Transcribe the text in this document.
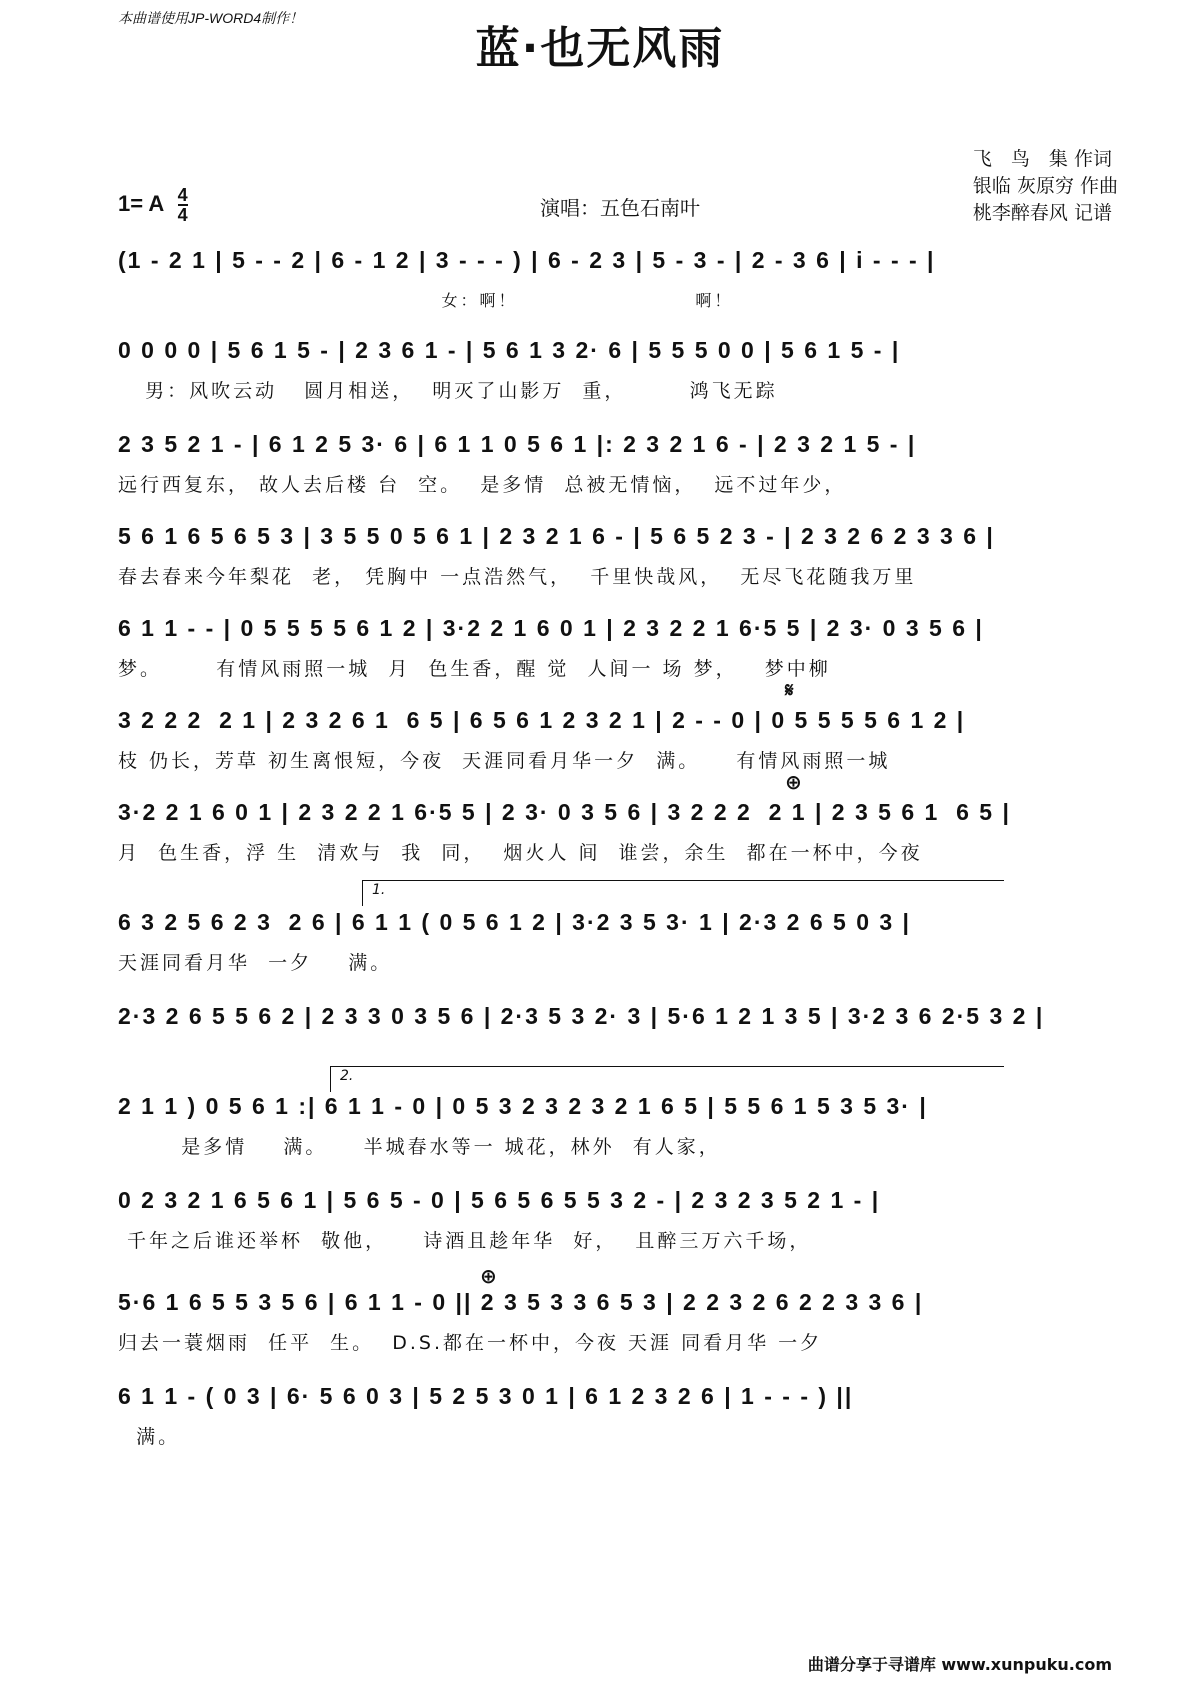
本曲谱使用JP-WORD4制作！
蓝·也无风雨
演唱：五色石南叶
1= A $\frac{4}{4}$
飞　鸟　集 作词
银临 灰原穷 作曲
桃李醉春风 记谱
(1 - 2 1 | 5 - - 2 | 6 - 1 2 | 3 - - - ) | 6 - 2 3 | 5 - 3 - | 2 - 3 6 | i - - - |
女：啊！                      啊！
0 0 0 0 | 5 6 1 5 - | 2 3 6 1 - | 5 6 1 3 2· 6 | 5 5 5 0 0 | 5 6 1 5 - |
男：风吹云动   圆月相送，  明灭了山影万  重，       鸿飞无踪
2 3 5 2 1 - | 6 1 2 5 3· 6 | 6 1 1 0 5 6 1 |: 2 3 2 1 6 - | 2 3 2 1 5 - |
远行西复东， 故人去后楼 台  空。  是多情  总被无情恼，  远不过年少，
5 6 1 6 5 6 5 3 | 3 5 5 0 5 6 1 | 2 3 2 1 6 - | 5 6 5 2 3 - | 2 3 2 6 2 3 3 6 |
春去春来今年梨花  老， 凭胸中 一点浩然气，  千里快哉风，  无尽飞花随我万里
6 1 1 - - | 0 5 5 5 5 6 1 2 | 3·2 2 1 6 0 1 | 2 3 2 2 1 6·5 5 | 2 3· 0 3 5 6 |
梦。      有情风雨照一城  月  色生香，醒 觉  人间一 场 梦，   梦中柳
3 2 2 2  2 1 | 2 3 2 6 1  6 5 | 6 5 6 1 2 3 2 1 | 2 - - 0 | 0 5 5 5 5 6 1 2 |
枝 仍长，芳草 初生离恨短，今夜  天涯同看月华一夕  满。    有情风雨照一城
3·2 2 1 6 0 1 | 2 3 2 2 1 6·5 5 | 2 3· 0 3 5 6 | 3 2 2 2  2 1 | 2 3 5 6 1  6 5 |
月  色生香，浮 生  清欢与  我  同，  烟火人 间  谁尝，余生  都在一杯中，今夜
6 3 2 5 6 2 3  2 6 | 6 1 1 ( 0 5 6 1 2 | 3·2 3 5 3· 1 | 2·3 2 6 5 0 3 |
天涯同看月华  一夕    满。
2·3 2 6 5 5 6 2 | 2 3 3 0 3 5 6 | 2·3 5 3 2· 3 | 5·6 1 2 1 3 5 | 3·2 3 6 2·5 3 2 |
2 1 1 ) 0 5 6 1 :| 6 1 1 - 0 | 0 5 3 2 3 2 3 2 1 6 5 | 5 5 6 1 5 3 5 3· |
是多情    满。    半城春水等一 城花，林外  有人家，
0 2 3 2 1 6 5 6 1 | 5 6 5 - 0 | 5 6 5 6 5 5 3 2 - | 2 3 2 3 5 2 1 - |
千年之后谁还举杯  敬他，    诗酒且趁年华  好，  且醉三万六千场，
5·6 1 6 5 5 3 5 6 | 6 1 1 - 0 || 2 3 5 3 3 6 5 3 | 2 2 3 2 6 2 2 3 3 6 |
归去一蓑烟雨  任平  生。  D.S.都在一杯中，今夜 天涯 同看月华 一夕
6 1 1 - ( 0 3 | 6· 5 6 0 3 | 5 2 5 3 0 1 | 6 1 2 3 2 6 | 1 - - - ) ||
满。
𝄋
⊕
⊕
1.
2.
曲谱分享于寻谱库 www.xunpuku.com
